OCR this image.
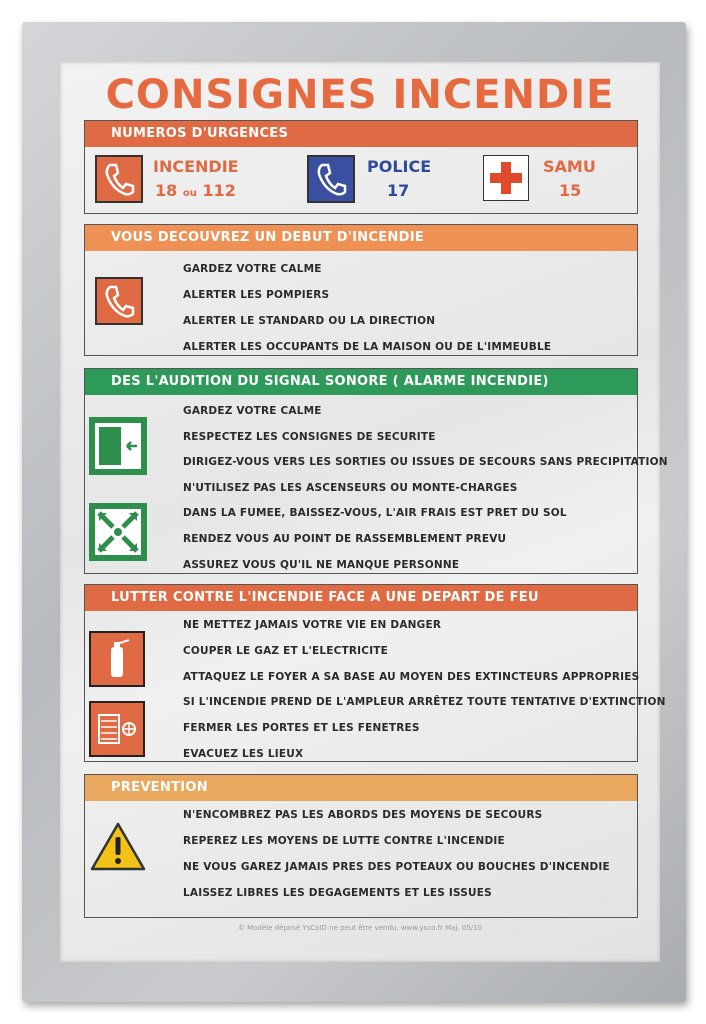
CONSIGNES INCENDIE
NUMEROS D'URGENCES
INCENDIE
18 ou 112
POLICE
17
SAMU
15
VOUS DECOUVREZ UN DEBUT D'INCENDIE
GARDEZ VOTRE CALME
ALERTER LES POMPIERS
ALERTER LE STANDARD OU LA DIRECTION
ALERTER LES OCCUPANTS DE LA MAISON OU DE L'IMMEUBLE
DES L'AUDITION DU SIGNAL SONORE ( ALARME INCENDIE)
GARDEZ VOTRE CALME
RESPECTEZ LES CONSIGNES DE SECURITE
DIRIGEZ-VOUS VERS LES SORTIES OU ISSUES DE SECOURS SANS PRECIPITATION
N'UTILISEZ PAS LES ASCENSEURS OU MONTE-CHARGES
DANS LA FUMEE, BAISSEZ-VOUS, L'AIR FRAIS EST PRET DU SOL
RENDEZ VOUS AU POINT DE RASSEMBLEMENT PREVU
ASSUREZ VOUS QU'IL NE MANQUE PERSONNE
LUTTER CONTRE L'INCENDIE FACE A UNE DEPART DE FEU
NE METTEZ JAMAIS VOTRE VIE EN DANGER
COUPER LE GAZ ET L'ELECTRICITE
ATTAQUEZ LE FOYER A SA BASE AU MOYEN DES EXTINCTEURS APPROPRIES
SI L'INCENDIE PREND DE L'AMPLEUR ARRÊTEZ TOUTE TENTATIVE D'EXTINCTION
FERMER LES PORTES ET LES FENETRES
EVACUEZ LES LIEUX
PREVENTION
N'ENCOMBREZ PAS LES ABORDS DES MOYENS DE SECOURS
REPEREZ LES MOYENS DE LUTTE CONTRE L'INCENDIE
NE VOUS GAREZ JAMAIS PRES DES POTEAUX OU BOUCHES D'INCENDIE
LAISSEZ LIBRES LES DEGAGEMENTS ET LES ISSUES
© Modèle déposé YsCoID ne peut être vendu, www.ysco.fr Maj. 05/10
